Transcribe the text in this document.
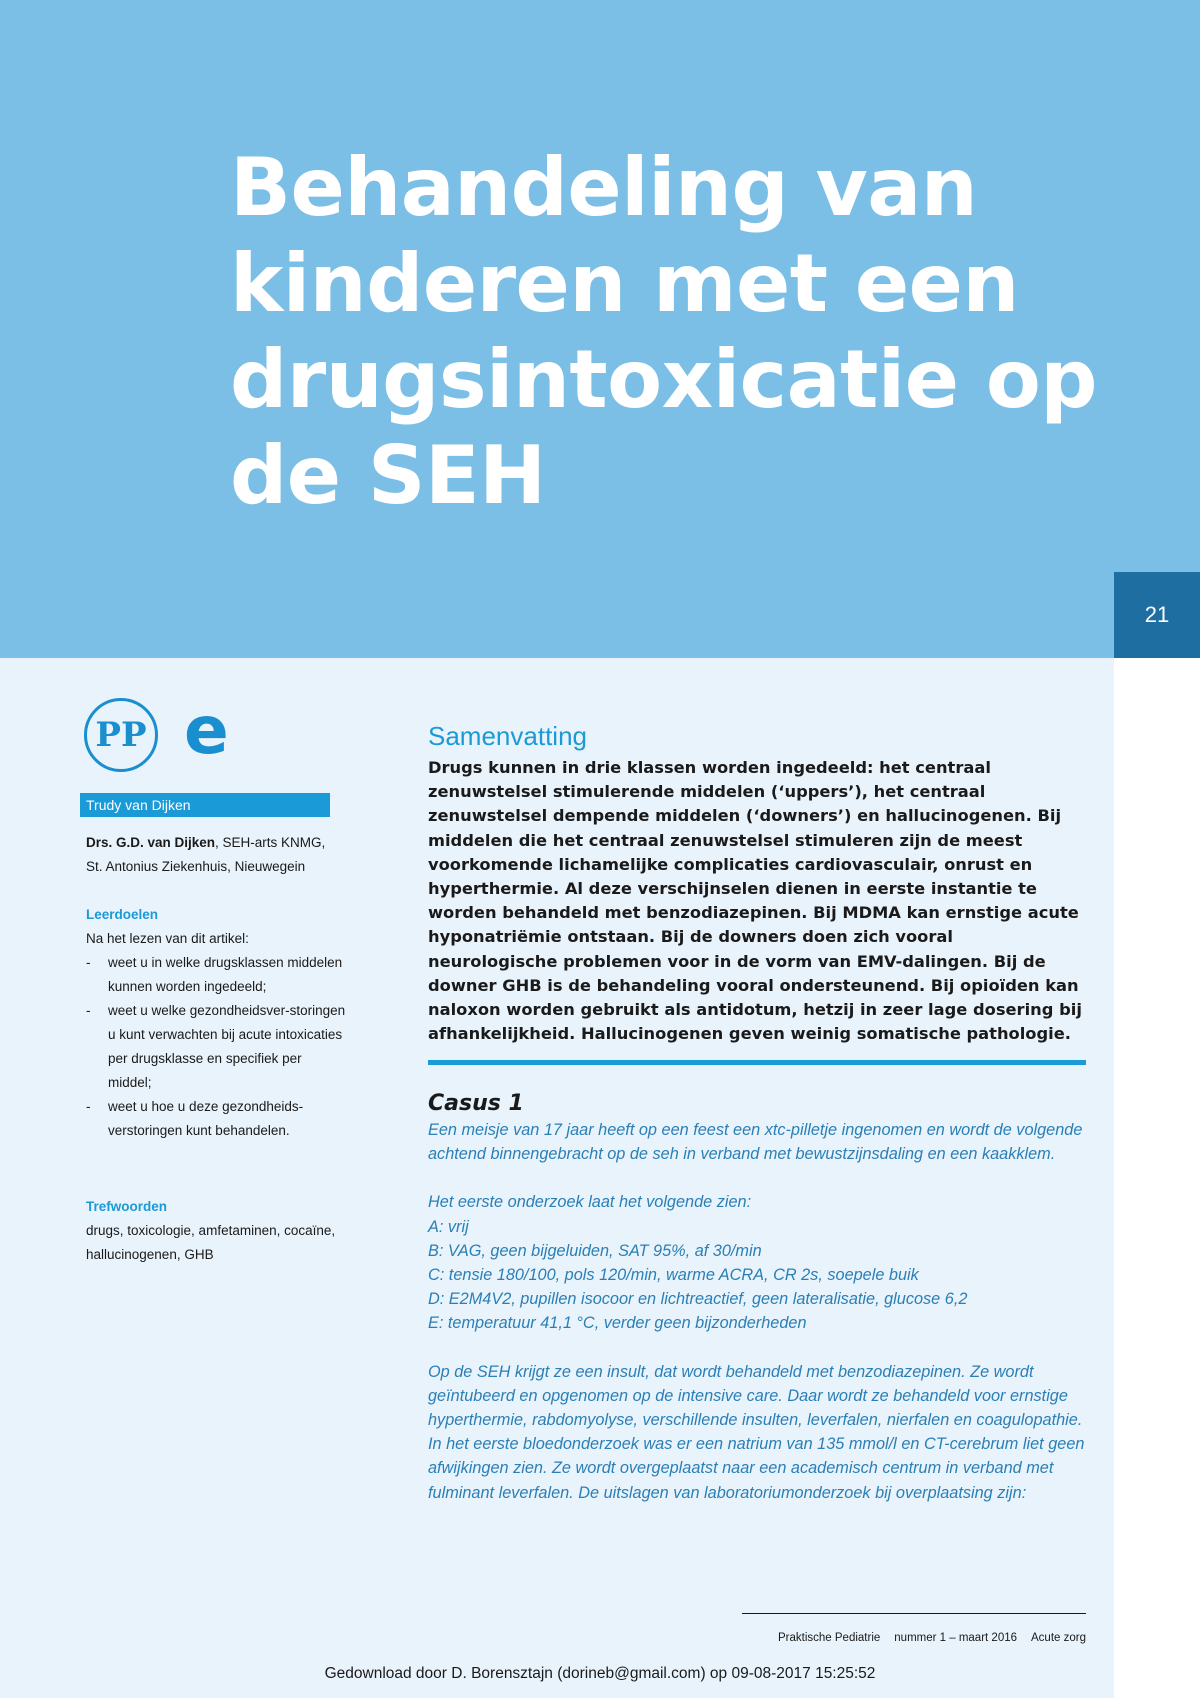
Behandeling van
kinderen met een
drugsintoxicatie op
de SEH
21
PP e
Trudy van Dijken
Drs. G.D. van Dijken, SEH-arts KNMG,
St. Antonius Ziekenhuis, Nieuwegein

Leerdoelen

Na het lezen van dit artikel:
- weet u in welke drugsklassen middelen kunnen worden ingedeeld;
- weet u welke gezondheidsver-storingen u kunt verwachten bij acute intoxicaties per drugsklasse en specifiek per middel;
- weet u hoe u deze gezondheids-verstoringen kunt behandelen.

Trefwoorden

drugs, toxicologie, amfetaminen, cocaïne, hallucinogenen, GHB
Samenvatting

Drugs kunnen in drie klassen worden ingedeeld: het centraal zenuwstelsel stimulerende middelen (‘uppers’), het centraal zenuwstelsel dempende middelen (‘downers’) en hallucinogenen. Bij middelen die het centraal zenuwstelsel stimuleren zijn de meest voorkomende lichamelijke complicaties cardiovasculair, onrust en hyperthermie. Al deze verschijnselen dienen in eerste instantie te worden behandeld met benzodiazepinen. Bij MDMA kan ernstige acute hyponatriëmie ontstaan. Bij de downers doen zich vooral neurologische problemen voor in de vorm van EMV-dalingen. Bij de downer GHB is de behandeling vooral ondersteunend. Bij opioïden kan naloxon worden gebruikt als antidotum, hetzij in zeer lage dosering bij afhankelijkheid. Hallucinogenen geven weinig somatische pathologie.

Casus 1

Een meisje van 17 jaar heeft op een feest een xtc-pilletje ingenomen en wordt de volgende achtend binnengebracht op de seh in verband met bewustzijnsdaling en een kaakklem.

Het eerste onderzoek laat het volgende zien:

A: vrij

B: VAG, geen bijgeluiden, SAT 95%, af 30/min

C: tensie 180/100, pols 120/min, warme ACRA, CR 2s, soepele buik

D: E2M4V2, pupillen isocoor en lichtreactief, geen lateralisatie, glucose 6,2

E: temperatuur 41,1 °C, verder geen bijzonderheden

Op de SEH krijgt ze een insult, dat wordt behandeld met benzodiazepinen. Ze wordt geïntubeerd en opgenomen op de intensive care. Daar wordt ze behandeld voor ernstige hyperthermie, rabdomyolyse, verschillende insulten, leverfalen, nierfalen en coagulopathie. In het eerste bloedonderzoek was er een natrium van 135 mmol/l en CT-cerebrum liet geen afwijkingen zien. Ze wordt overgeplaatst naar een academisch centrum in verband met fulminant leverfalen. De uitslagen van laboratoriumonderzoek bij overplaatsing zijn:

Praktische Pediatrie nummer 1 – maart 2016 Acute zorg
Gedownload door D. Borensztajn (dorineb@gmail.com) op 09-08-2017 15:25:52
